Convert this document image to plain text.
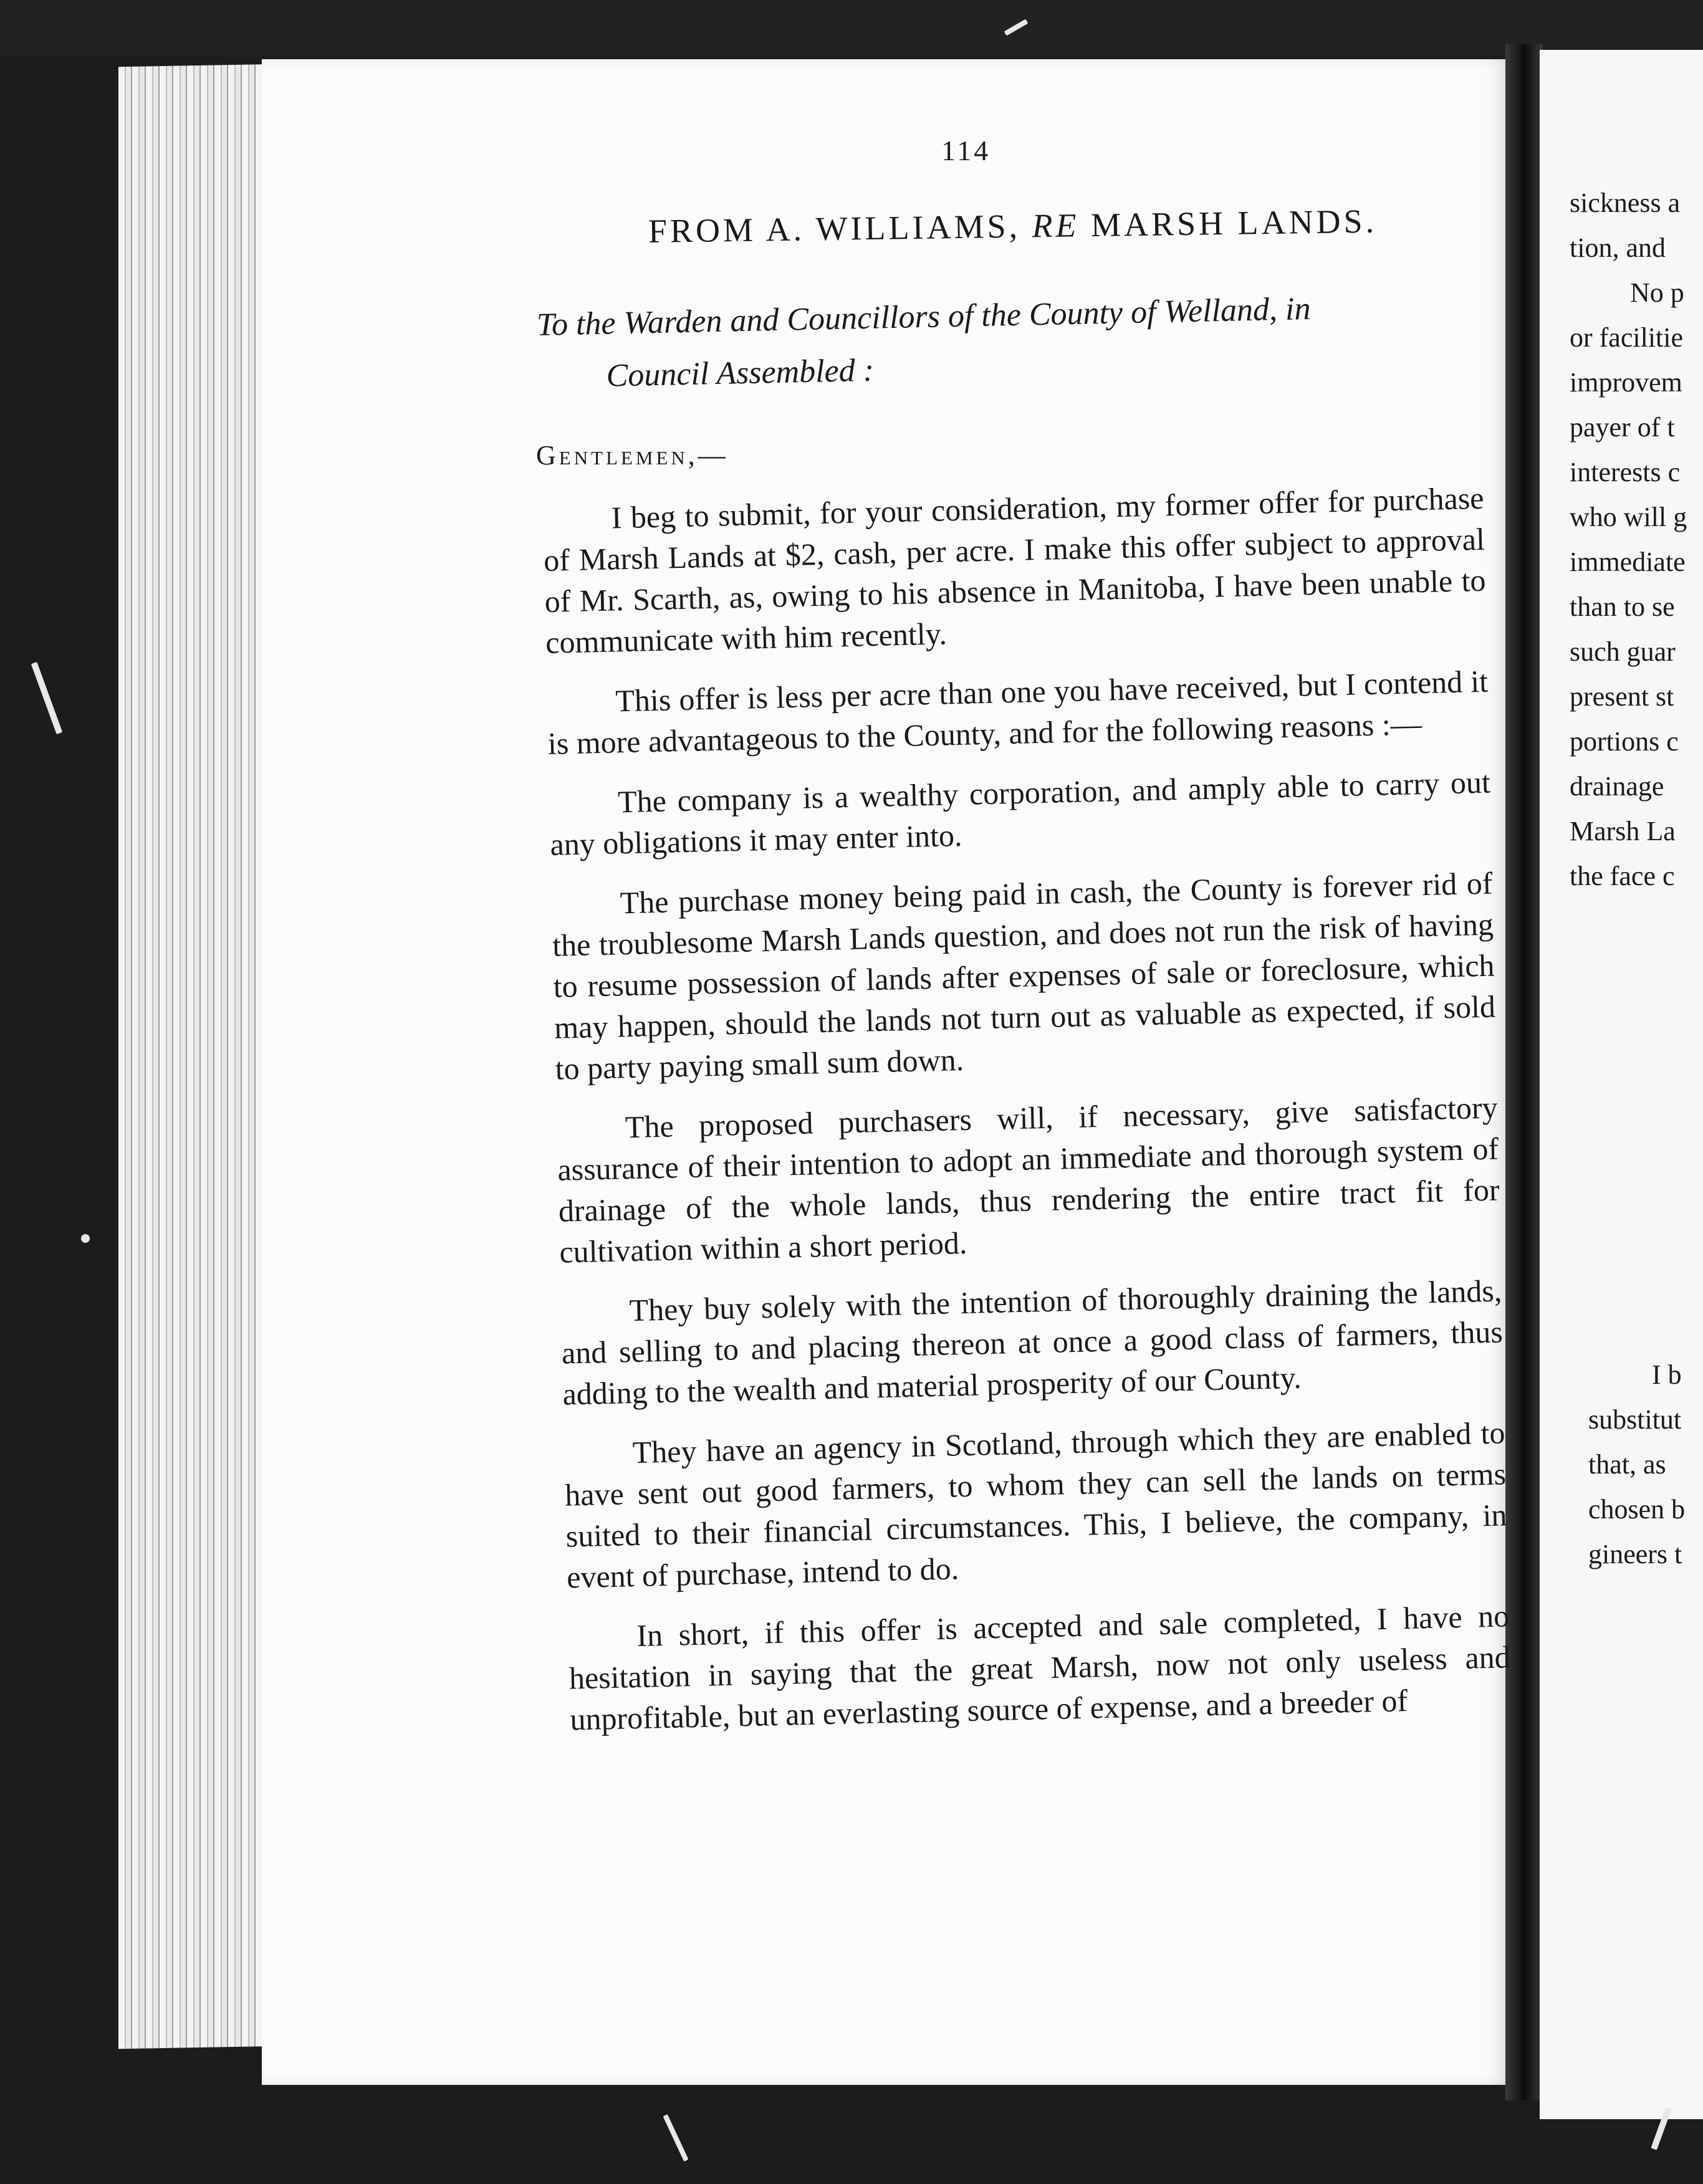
sickness a
tion, and
No p
or facilitie
improvem
payer of t
interests c
who will g
immediate
than to se
such guar
present st
portions c
drainage
Marsh La
the face c
I b
substitut
that, as
chosen b
gineers t
114
FROM A. WILLIAMS, RE MARSH LANDS.
To the Warden and Councillors of the County of Welland, in
Council Assembled :
Gentlemen,—

I beg to submit, for your consideration, my former offer for purchase of Marsh Lands at $2, cash, per acre. I make this offer subject to approval of Mr. Scarth, as, owing to his absence in Manitoba, I have been unable to communicate with him recently.

This offer is less per acre than one you have received, but I contend it is more advantageous to the County, and for the following reasons :—

The company is a wealthy corporation, and amply able to carry out any obligations it may enter into.

The purchase money being paid in cash, the County is forever rid of the troublesome Marsh Lands question, and does not run the risk of having to resume possession of lands after expenses of sale or foreclosure, which may happen, should the lands not turn out as valuable as expected, if sold to party paying small sum down.

The proposed purchasers will, if necessary, give satisfactory assurance of their intention to adopt an immediate and thorough system of drainage of the whole lands, thus rendering the entire tract fit for cultivation within a short period.

They buy solely with the intention of thoroughly draining the lands, and selling to and placing thereon at once a good class of farmers, thus adding to the wealth and material prosperity of our County.

They have an agency in Scotland, through which they are enabled to have sent out good farmers, to whom they can sell the lands on terms suited to their financial circumstances. This, I believe, the company, in event of purchase, intend to do.

In short, if this offer is accepted and sale completed, I have no hesitation in saying that the great Marsh, now not only useless and unprofitable, but an everlasting source of expense, and a breeder of
